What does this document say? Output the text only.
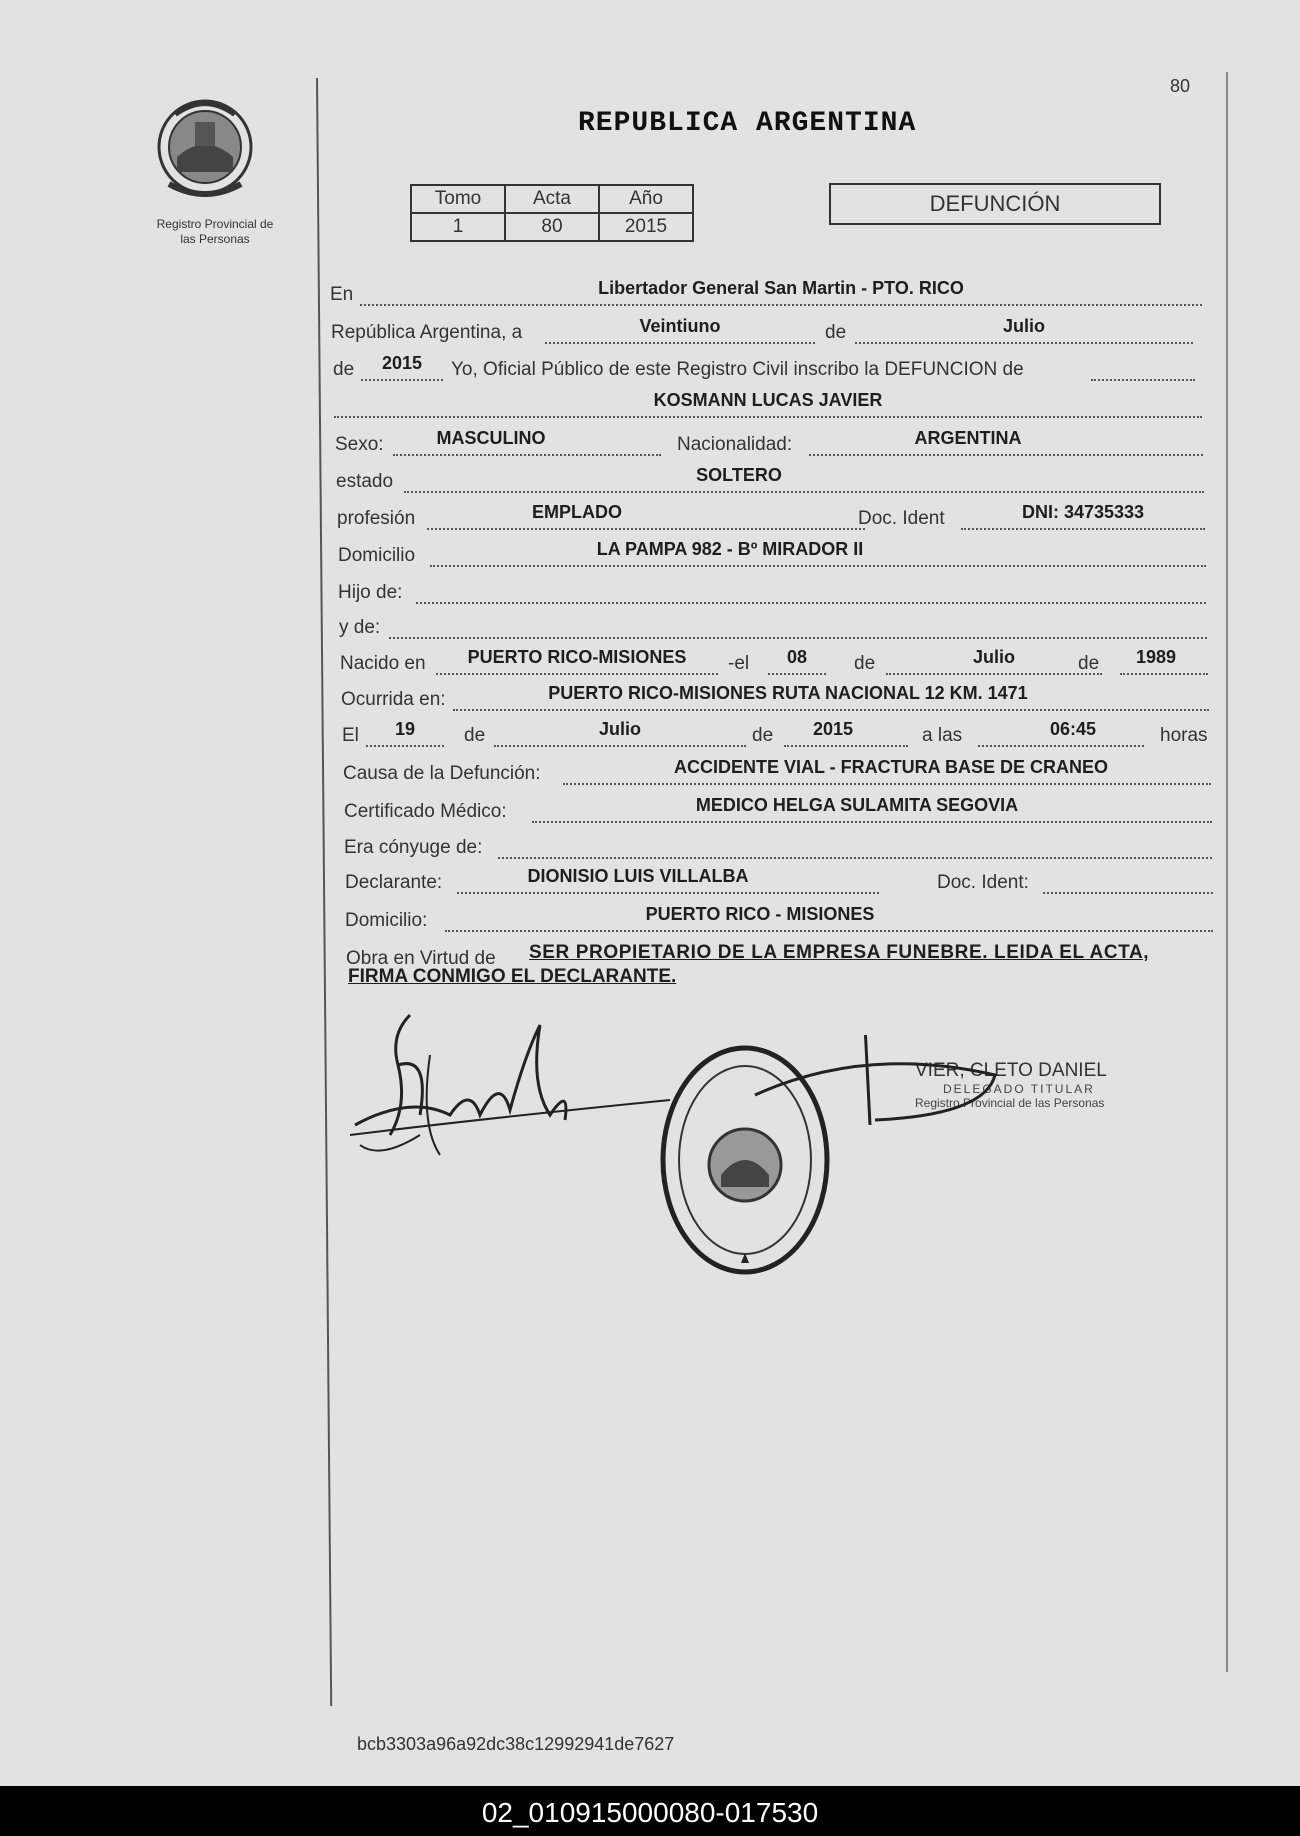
80
Registro Provincial de
las Personas
REPUBLICA ARGENTINA
Tomo	Acta	Año
1	80	2015
DEFUNCIÓN
En	Libertador General San Martin - PTO. RICO
República Argentina, a	Veintiuno	de	Julio
de	2015	Yo, Oficial Público de este Registro Civil inscribo la DEFUNCION de
KOSMANN LUCAS JAVIER
Sexo:	MASCULINO	Nacionalidad:	ARGENTINA
estado	SOLTERO
profesión	EMPLADO	Doc. Ident	DNI: 34735333
Domicilio	LA PAMPA 982 - Bº MIRADOR II
Hijo de:
y de:
Nacido en	PUERTO RICO-MISIONES	-el	08	de	Julio	de	1989
Ocurrida en:	PUERTO RICO-MISIONES RUTA NACIONAL 12 KM. 1471
El	19	de	Julio	de	2015	a las	06:45	horas
Causa de la Defunción:	ACCIDENTE VIAL - FRACTURA BASE DE CRANEO
Certificado Médico:	MEDICO HELGA SULAMITA SEGOVIA
Era cónyuge de:
Declarante:	DIONISIO LUIS VILLALBA	Doc. Ident:
Domicilio:	PUERTO RICO - MISIONES
Obra en Virtud de SER PROPIETARIO DE LA EMPRESA FUNEBRE. LEIDA EL ACTA,
FIRMA CONMIGO EL DECLARANTE.
VIER, CLETO DANIEL
DELEGADO TITULAR
Registro Provincial de las Personas
bcb3303a96a92dc38c12992941de7627
02_010915000080-017530
